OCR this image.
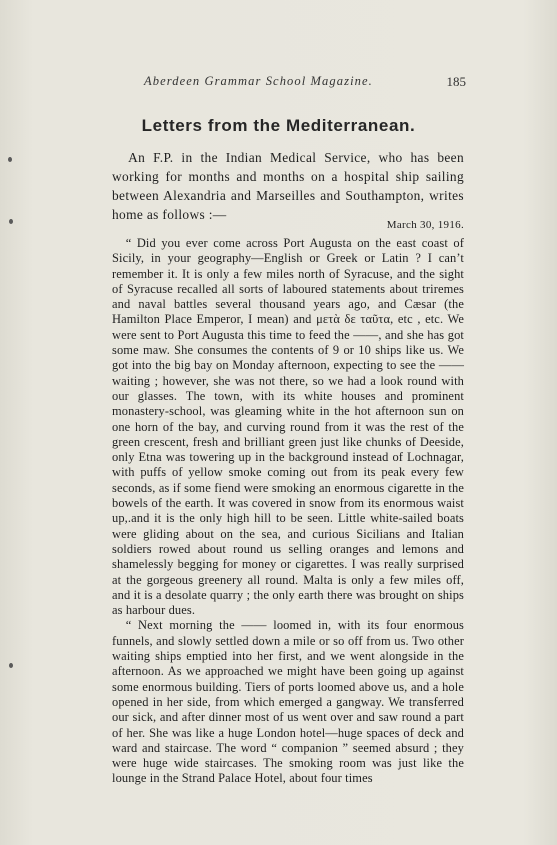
Aberdeen Grammar School Magazine.	185
Letters from the Mediterranean.

An F.P. in the Indian Medical Service, who has been working for months and months on a hospital ship sailing between Alexandria and Marseilles and Southampton, writes home as follows :—

March 30, 1916.

“ Did you ever come across Port Augusta on the east coast of Sicily, in your geography—English or Greek or Latin ? I can’t remember it. It is only a few miles north of Syracuse, and the sight of Syracuse recalled all sorts of laboured statements about triremes and naval battles several thousand years ago, and Cæsar (the Hamilton Place Emperor, I mean) and μετὰ δε ταῦτα, etc , etc. We were sent to Port Augusta this time to feed the ——, and she has got some maw. She consumes the contents of 9 or 10 ships like us. We got into the big bay on Monday afternoon, expecting to see the —— waiting ; however, she was not there, so we had a look round with our glasses. The town, with its white houses and prominent monastery-school, was gleaming white in the hot afternoon sun on one horn of the bay, and curving round from it was the rest of the green crescent, fresh and brilliant green just like chunks of Deeside, only Etna was towering up in the background instead of Lochnagar, with puffs of yellow smoke coming out from its peak every few seconds, as if some fiend were smoking an enormous cigarette in the bowels of the earth. It was covered in snow from its enormous waist up,.and it is the only high hill to be seen. Little white-sailed boats were gliding about on the sea, and curious Sicilians and Italian soldiers rowed about round us selling oranges and lemons and shamelessly begging for money or cigarettes. I was really surprised at the gorgeous greenery all round. Malta is only a few miles off, and it is a desolate quarry ; the only earth there was brought on ships as harbour dues.

“ Next morning the —— loomed in, with its four enormous funnels, and slowly settled down a mile or so off from us. Two other waiting ships emptied into her first, and we went alongside in the afternoon. As we approached we might have been going up against some enormous building. Tiers of ports loomed above us, and a hole opened in her side, from which emerged a gangway. We transferred our sick, and after dinner most of us went over and saw round a part of her. She was like a huge London hotel—huge spaces of deck and ward and staircase. The word “ companion ” seemed absurd ; they were huge wide staircases. The smoking room was just like the lounge in the Strand Palace Hotel, about four times
